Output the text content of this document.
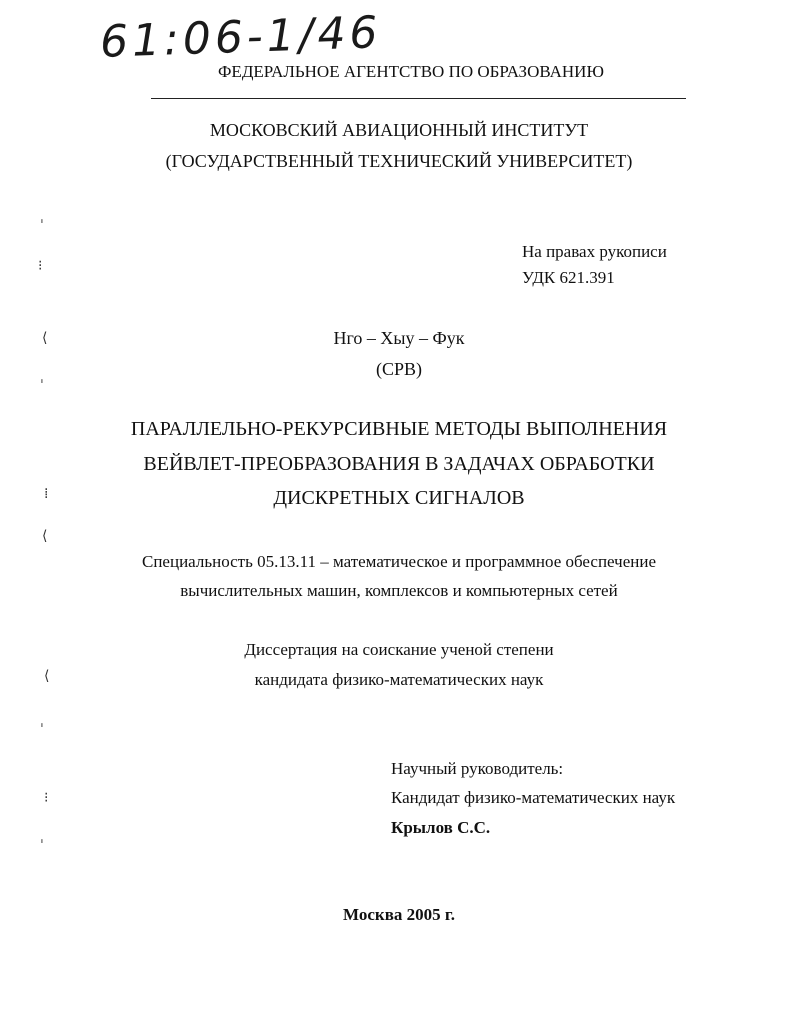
61:06-1/46
ФЕДЕРАЛЬНОЕ АГЕНТСТВО ПО ОБРАЗОВАНИЮ
МОСКОВСКИЙ АВИАЦИОННЫЙ ИНСТИТУТ
(ГОСУДАРСТВЕННЫЙ ТЕХНИЧЕСКИЙ УНИВЕРСИТЕТ)
На правах рукописи
УДК 621.391
Нго – Хыу – Фук
(СРВ)
ПАРАЛЛЕЛЬНО-РЕКУРСИВНЫЕ МЕТОДЫ ВЫПОЛНЕНИЯ
ВЕЙВЛЕТ-ПРЕОБРАЗОВАНИЯ В ЗАДАЧАХ ОБРАБОТКИ
ДИСКРЕТНЫХ СИГНАЛОВ
Специальность 05.13.11 – математическое и программное обеспечение
вычислительных машин, комплексов и компьютерных сетей
Диссертация на соискание ученой степени
кандидата физико-математических наук
Научный руководитель:
Кандидат физико-математических наук
Крылов С.С.
Москва 2005 г.
ˈ
⁝
⟨
ˈ
⁞
⟨
⟨
ˈ
⁝
ˈ
